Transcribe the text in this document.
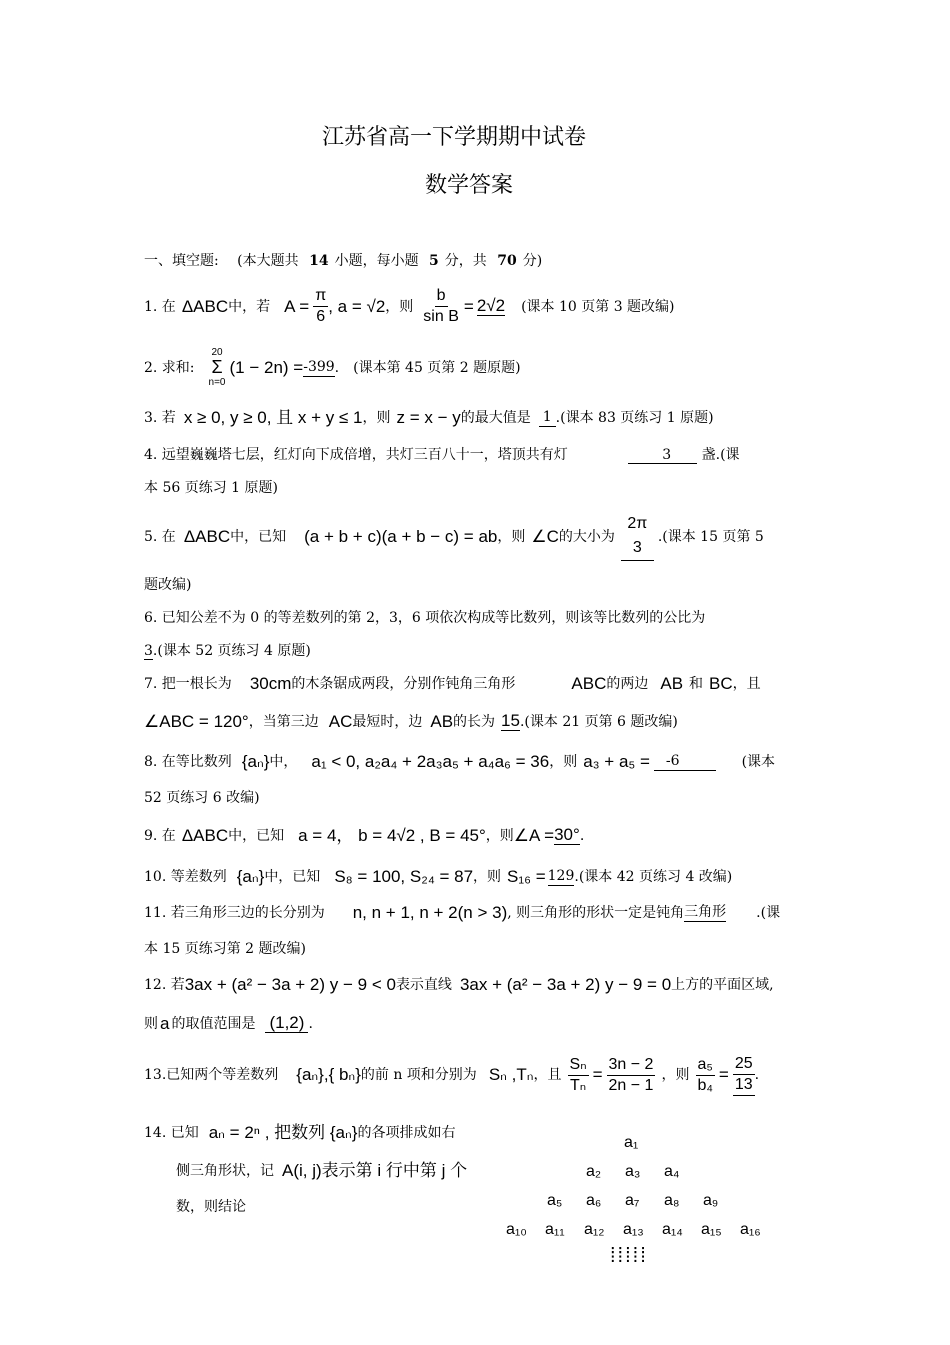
江苏省高一下学期期中试卷
数学答案
一、填空题: (本大题共 14 小题，每小题 5 分，共 70 分)
1. 在 ΔABC 中，若 $A = \frac{\pi}{6}$ , a = √2 ，则 $\frac{b}{\text{sin B}} = 2√2$ (课本 10 页第 3 题改编)
2. 求和:
20
Σ
n=0
(1 − 2n) = -399 . (课本第 45 页第 2 题原题)
3. 若 x ≥ 0, y ≥ 0, 且 x + y ≤ 1 ，则 z = x − y 的最大值是 1 .(课本 83 页练习 1 原题)
4. 远望巍巍塔七层，红灯向下成倍增，共灯三百八十一，塔顶共有灯	3 盏.(课
本 56 页练习 1 原题)
5. 在 ΔABC 中，已知 (a + b + c)(a + b − c) = ab ，则 ∠C 的大小为
2π
3
.(课本 15 页第 5
题改编)
6. 已知公差不为 0 的等差数列的第 2，3，6 项依次构成等比数列，则该等比数列的公比为
3.(课本 52 页练习 4 原题)
7. 把一根长为 30cm 的木条锯成两段，分别作钝角三角形	ABC 的两边 AB 和 BC ，且
∠ABC = 120° ，当第三边 AC 最短时，边 AB 的长为 15 .(课本 21 页第 6 题改编)
8. 在等比数列 {aₙ} 中， a₁ < 0, a₂a₄ + 2a₃a₅ + a₄a₆ = 36 ，则 a₃ + a₅ =	-6	(课本
52 页练习 6 改编)
9. 在 ΔABC 中，已知 a = 4， b = 4√2 , B = 45° ，则 ∠A = 30° .
10. 等差数列 {aₙ} 中，已知 S₈ = 100, S₂₄ = 87 ，则 S₁₆ = 129 .(课本 42 页练习 4 改编)
11. 若三角形三边的长分别为 n, n + 1, n + 2(n > 3) , 则三角形的形状一定是钝角 三角形 .(课
本 15 页练习第 2 题改编)
12. 若 3ax + (a² − 3a + 2) y − 9 < 0 表示直线 3ax + (a² − 3a + 2) y − 9 = 0 上方的平面区域,
则 a 的取值范围是 (1,2) .
13.已知两个等差数列 {aₙ},{ bₙ} 的前 n 项和分别为 Sₙ ,Tₙ ，且 $\frac{\text{Sₙ}}{\text{Tₙ}} = \frac{3n - 2}{2n - 1}$ ，则 $\frac{\text{a₅}}{\text{b₄}} = \frac{25}{13}$ .
14. 已知 aₙ = 2ⁿ , 把数列 {aₙ} 的各项排成如右
侧三角形状，记 A(i, j)表示第 i 行中第 j 个
数，则结论
a₁
a₂ a₃ a₄
a₅ a₆ a₇ a₈ a₉
a₁₀ a₁₁ a₁₂ a₁₃ a₁₄ a₁₅ a₁₆
⁞⁞⁞⁞⁞
